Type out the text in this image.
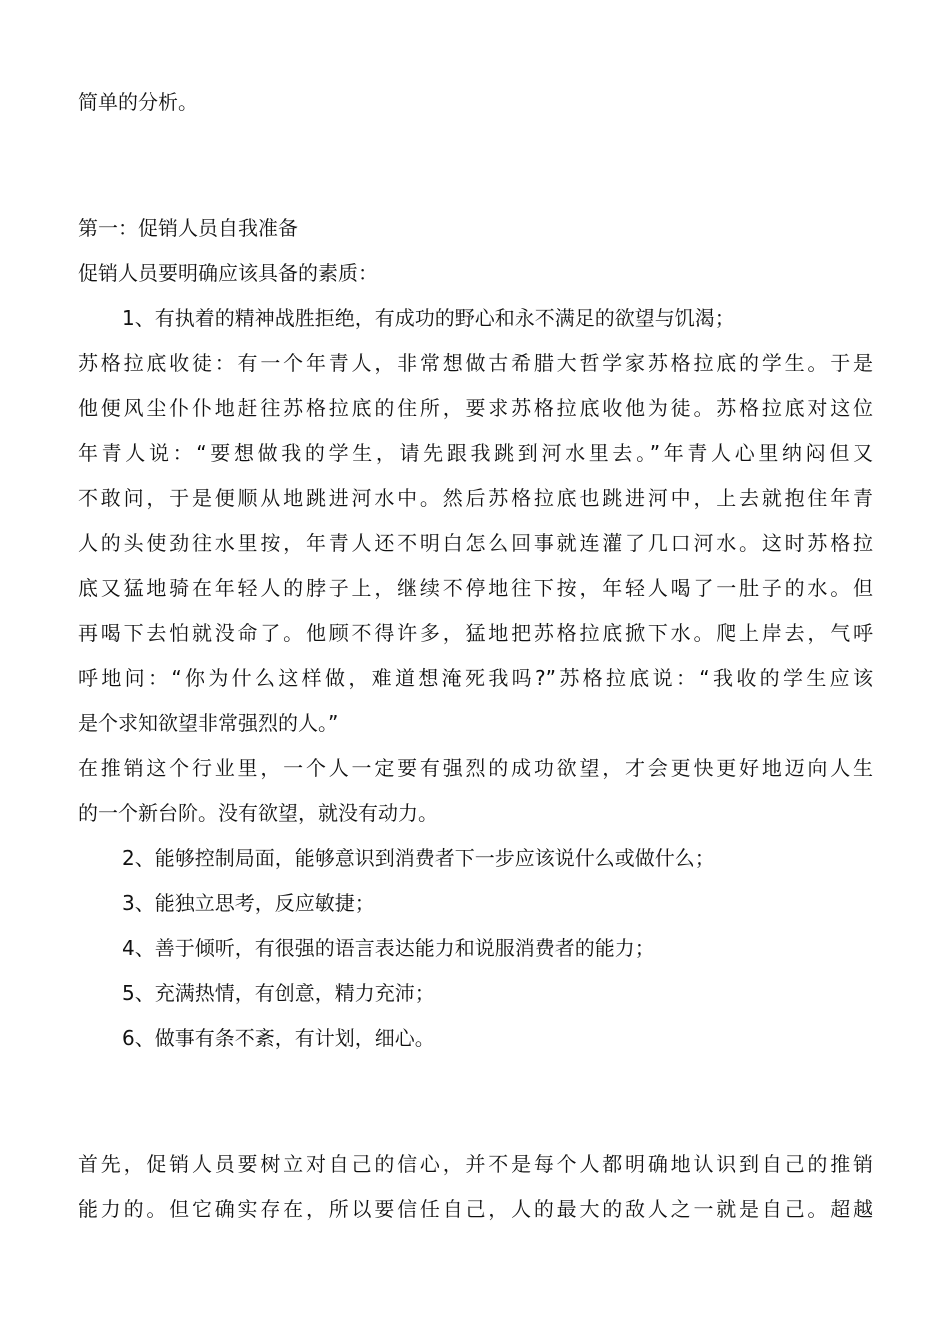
简单的分析。
第一：促销人员自我准备
促销人员要明确应该具备的素质：
1、有执着的精神战胜拒绝，有成功的野心和永不满足的欲望与饥渴；
苏格拉底收徒：有一个年青人，非常想做古希腊大哲学家苏格拉底的学生。于是
他便风尘仆仆地赶往苏格拉底的住所，要求苏格拉底收他为徒。苏格拉底对这位
年青人说：“要想做我的学生，请先跟我跳到河水里去。”年青人心里纳闷但又
不敢问，于是便顺从地跳进河水中。然后苏格拉底也跳进河中，上去就抱住年青
人的头使劲往水里按，年青人还不明白怎么回事就连灌了几口河水。这时苏格拉
底又猛地骑在年轻人的脖子上，继续不停地往下按，年轻人喝了一肚子的水。但
再喝下去怕就没命了。他顾不得许多，猛地把苏格拉底掀下水。爬上岸去，气呼
呼地问：“你为什么这样做，难道想淹死我吗?”苏格拉底说：“我收的学生应该
是个求知欲望非常强烈的人。”
在推销这个行业里，一个人一定要有强烈的成功欲望，才会更快更好地迈向人生
的一个新台阶。没有欲望，就没有动力。
2、能够控制局面，能够意识到消费者下一步应该说什么或做什么；
3、能独立思考，反应敏捷；
4、善于倾听，有很强的语言表达能力和说服消费者的能力；
5、充满热情，有创意，精力充沛；
6、做事有条不紊，有计划，细心。
首先，促销人员要树立对自己的信心，并不是每个人都明确地认识到自己的推销
能力的。但它确实存在，所以要信任自己，人的最大的敌人之一就是自己。超越
